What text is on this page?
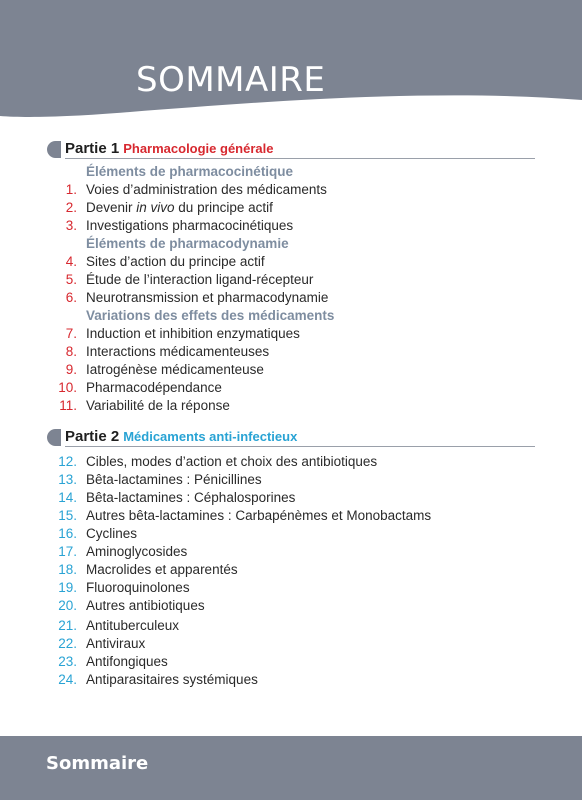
SOMMAIRE
Partie 1 Pharmacologie générale
Éléments de pharmacocinétique
1. Voies d’administration des médicaments
2. Devenir in vivo du principe actif
3. Investigations pharmacocinétiques
Éléments de pharmacodynamie
4. Sites d’action du principe actif
5. Étude de l’interaction ligand-récepteur
6. Neurotransmission et pharmacodynamie
Variations des effets des médicaments
7. Induction et inhibition enzymatiques
8. Interactions médicamenteuses
9. Iatrogénèse médicamenteuse
10. Pharmacodépendance
11. Variabilité de la réponse
Partie 2 Médicaments anti-infectieux
12. Cibles, modes d’action et choix des antibiotiques
13. Bêta-lactamines : Pénicillines
14. Bêta-lactamines : Céphalosporines
15. Autres bêta-lactamines : Carbapénèmes et Monobactams
16. Cyclines
17. Aminoglycosides
18. Macrolides et apparentés
19. Fluoroquinolones
20. Autres antibiotiques
21. Antituberculeux
22. Antiviraux
23. Antifongiques
24. Antiparasitaires systémiques
Sommaire
